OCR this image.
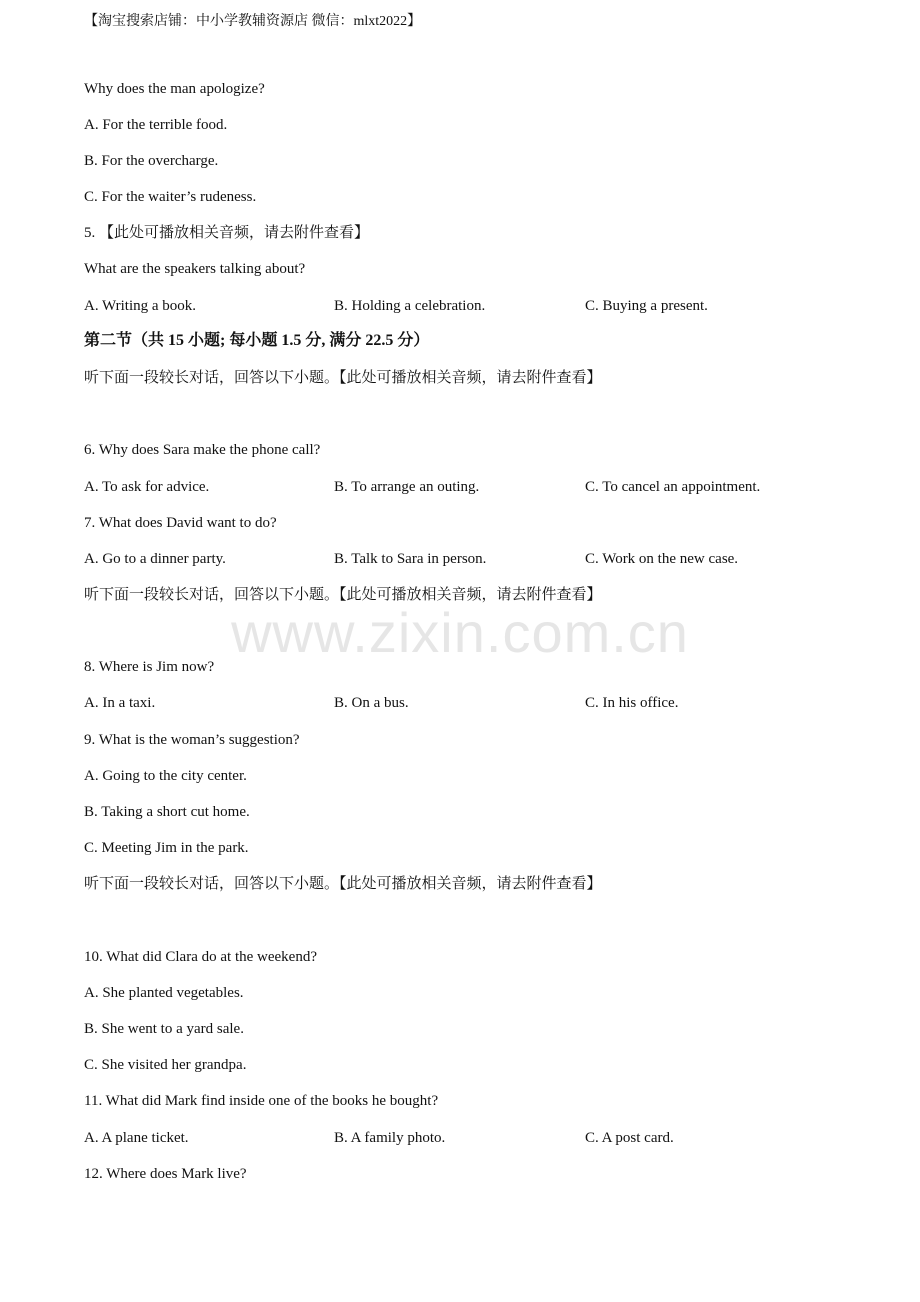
【淘宝搜索店铺：中小学教辅资源店 微信：mlxt2022】
www.zixin.com.cn
Why does the man apologize?
A. For the terrible food.
B. For the overcharge.
C. For the waiter’s rudeness.
5. 【此处可播放相关音频，请去附件查看】
What are the speakers talking about?
A. Writing a book.	B. Holding a celebration.	C. Buying a present.
第二节（共 15 小题; 每小题 1.5 分, 满分 22.5 分）
听下面一段较长对话，回答以下小题。【此处可播放相关音频，请去附件查看】
6. Why does Sara make the phone call?
A. To ask for advice.	B. To arrange an outing.	C. To cancel an appointment.
7. What does David want to do?
A. Go to a dinner party.	B. Talk to Sara in person.	C. Work on the new case.
听下面一段较长对话，回答以下小题。【此处可播放相关音频，请去附件查看】
8. Where is Jim now?
A. In a taxi.	B. On a bus.	C. In his office.
9. What is the woman’s suggestion?
A. Going to the city center.
B. Taking a short cut home.
C. Meeting Jim in the park.
听下面一段较长对话，回答以下小题。【此处可播放相关音频，请去附件查看】
10. What did Clara do at the weekend?
A. She planted vegetables.
B. She went to a yard sale.
C. She visited her grandpa.
11. What did Mark find inside one of the books he bought?
A. A plane ticket.	B. A family photo.	C. A post card.
12. Where does Mark live?
